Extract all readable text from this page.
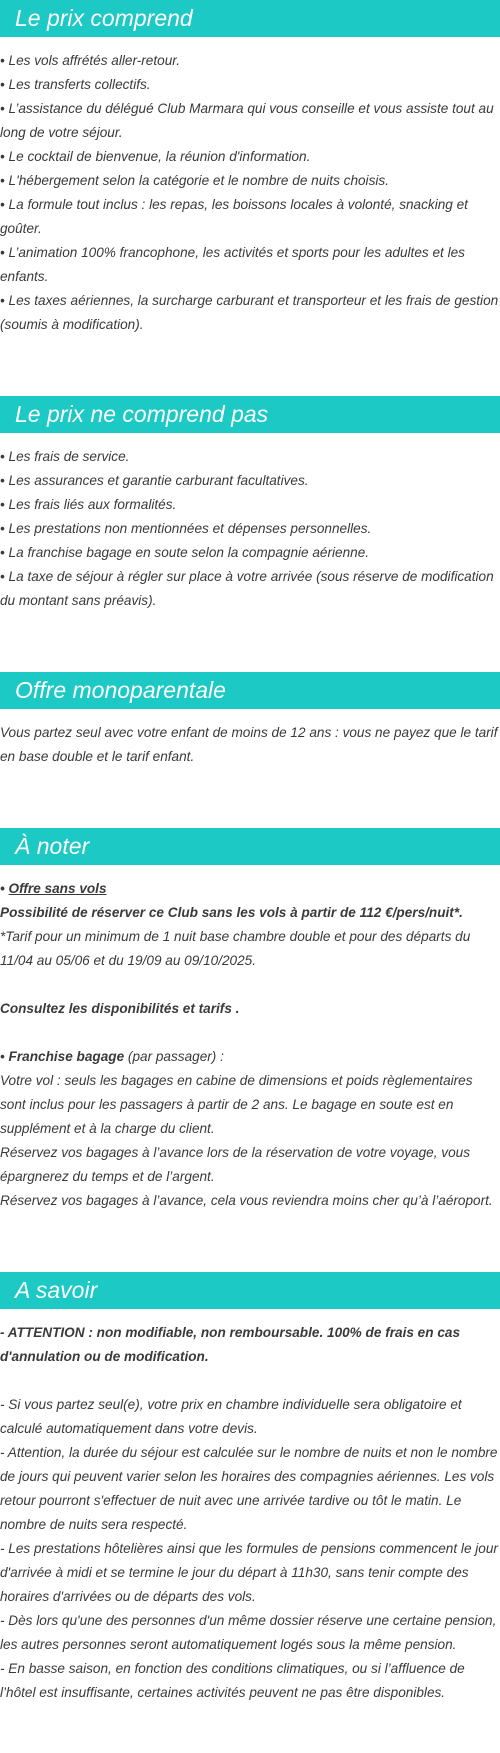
Le prix comprend

• Les vols affrétés aller-retour.

• Les transferts collectifs.

• L’assistance du délégué Club Marmara qui vous conseille et vous assiste tout au long de votre séjour.

• Le cocktail de bienvenue, la réunion d'information.

• L'hébergement selon la catégorie et le nombre de nuits choisis.

• La formule tout inclus : les repas, les boissons locales à volonté, snacking et goûter.

• L’animation 100% francophone, les activités et sports pour les adultes et les enfants.

• Les taxes aériennes, la surcharge carburant et transporteur et les frais de gestion (soumis à modification).

Le prix ne comprend pas

• Les frais de service.

• Les assurances et garantie carburant facultatives.

• Les frais liés aux formalités.

• Les prestations non mentionnées et dépenses personnelles.

• La franchise bagage en soute selon la compagnie aérienne.

• La taxe de séjour à régler sur place à votre arrivée (sous réserve de modification du montant sans préavis).

Offre monoparentale

Vous partez seul avec votre enfant de moins de 12 ans : vous ne payez que le tarif en base double et le tarif enfant.

À noter

• Offre sans vols

Possibilité de réserver ce Club sans les vols à partir de 112 €/pers/nuit*.

*Tarif pour un minimum de 1 nuit base chambre double et pour des départs du 11/04 au 05/06 et du 19/09 au 09/10/2025.

Consultez les disponibilités et tarifs .

• Franchise bagage (par passager) :

Votre vol : seuls les bagages en cabine de dimensions et poids règlementaires sont inclus pour les passagers à partir de 2 ans. Le bagage en soute est en supplément et à la charge du client.

Réservez vos bagages à l’avance lors de la réservation de votre voyage, vous épargnerez du temps et de l’argent.

Réservez vos bagages à l’avance, cela vous reviendra moins cher qu’à l’aéroport.

A savoir

- ATTENTION : non modifiable, non remboursable. 100% de frais en cas d'annulation ou de modification.

- Si vous partez seul(e), votre prix en chambre individuelle sera obligatoire et calculé automatiquement dans votre devis.

- Attention, la durée du séjour est calculée sur le nombre de nuits et non le nombre de jours qui peuvent varier selon les horaires des compagnies aériennes. Les vols retour pourront s'effectuer de nuit avec une arrivée tardive ou tôt le matin. Le nombre de nuits sera respecté.

- Les prestations hôtelières ainsi que les formules de pensions commencent le jour d'arrivée à midi et se termine le jour du départ à 11h30, sans tenir compte des horaires d'arrivées ou de départs des vols.

- Dès lors qu'une des personnes d'un même dossier réserve une certaine pension, les autres personnes seront automatiquement logés sous la même pension.

- En basse saison, en fonction des conditions climatiques, ou si l’affluence de l’hôtel est insuffisante, certaines activités peuvent ne pas être disponibles.
